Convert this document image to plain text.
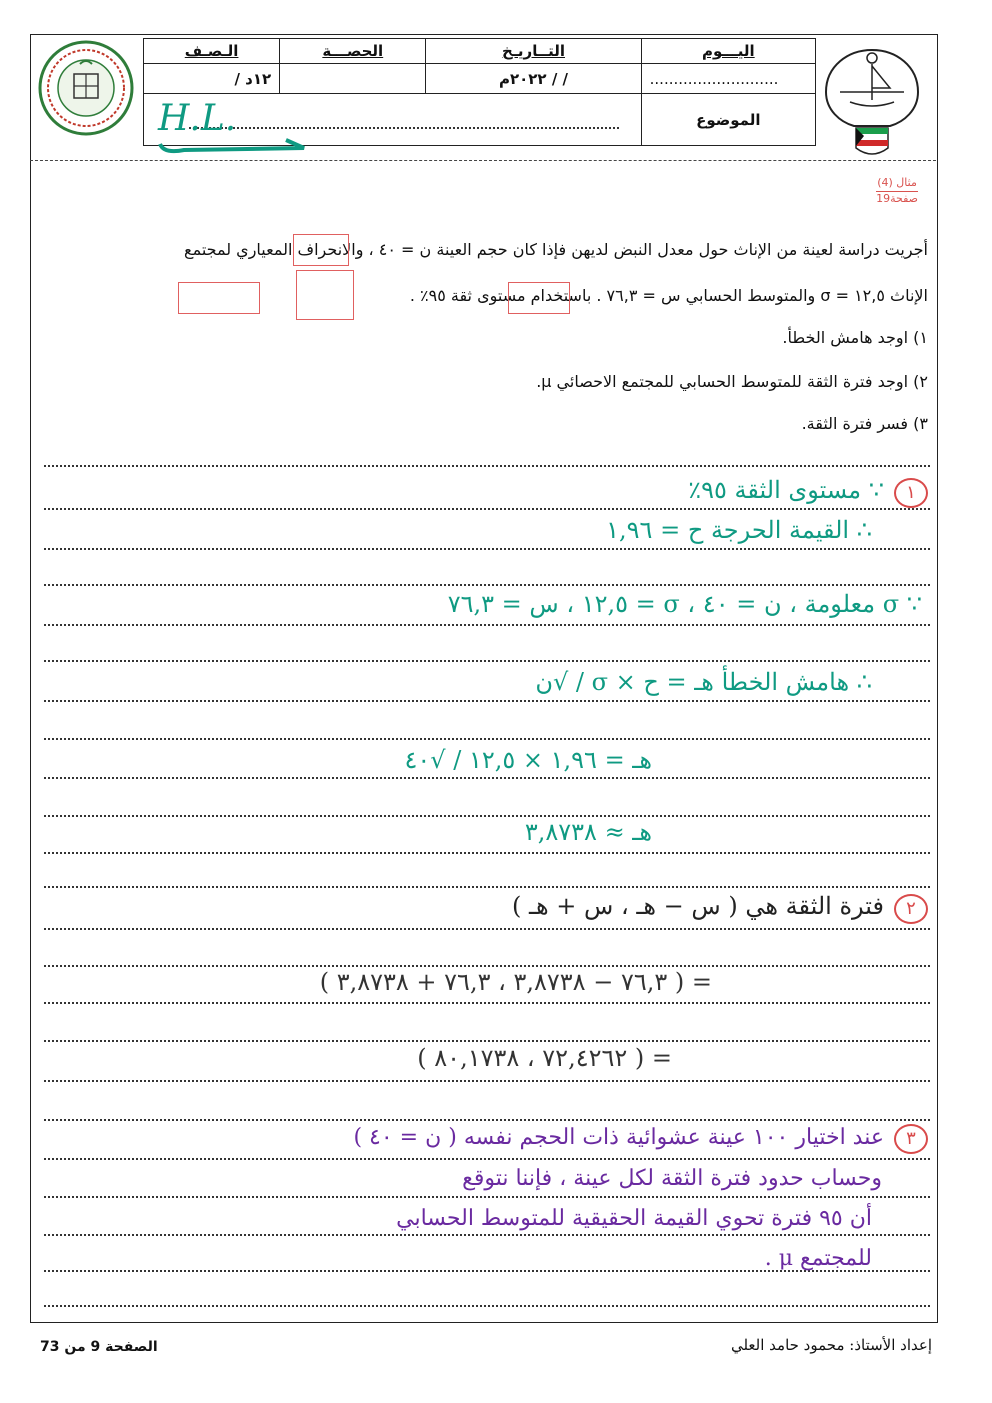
اليـــوم	التــاريـخ	الحصـــة	الـصـف
...........................	/ / ٢٠٢٢م		١٢د /
الموضوع	H.L.		
مثال (4)
صفحة19
أجريت دراسة لعينة من الإناث حول معدل النبض لديهن فإذا كان حجم العينة ن = ٤٠ ، والانحراف المعياري لمجتمع
الإناث ١٢,٥ = σ والمتوسط الحسابي س = ٧٦,٣ . باستخدام مستوى ثقة ٩٥٪ .
١) اوجد هامش الخطأ.
٢) اوجد فترة الثقة للمتوسط الحسابي للمجتمع الاحصائي μ.
٣) فسر فترة الثقة.
١∵ مستوى الثقة ٩٥٪
∴ القيمة الحرجة ح = ١,٩٦
∵ σ معلومة ، ن = ٤٠ ، σ = ١٢,٥ ، س = ٧٦,٣
∴ هامش الخطأ هـ = ح × σ / √ن
هـ = ١,٩٦ × ١٢,٥ / √٤٠
هـ ≈ ٣,٨٧٣٨
٢فترة الثقة هي ( س − هـ ، س + هـ )
= ( ٧٦,٣ − ٣,٨٧٣٨ ، ٧٦,٣ + ٣,٨٧٣٨ )
= ( ٧٢,٤٢٦٢ ، ٨٠,١٧٣٨ )
٣عند اختيار ١٠٠ عينة عشوائية ذات الحجم نفسه ( ن = ٤٠ )
وحساب حدود فترة الثقة لكل عينة ، فإننا نتوقع
أن ٩٥ فترة تحوي القيمة الحقيقية للمتوسط الحسابي
للمجتمع μ .
الصفحة 9 من 73	إعداد الأستاذ: محمود حامد العلي
